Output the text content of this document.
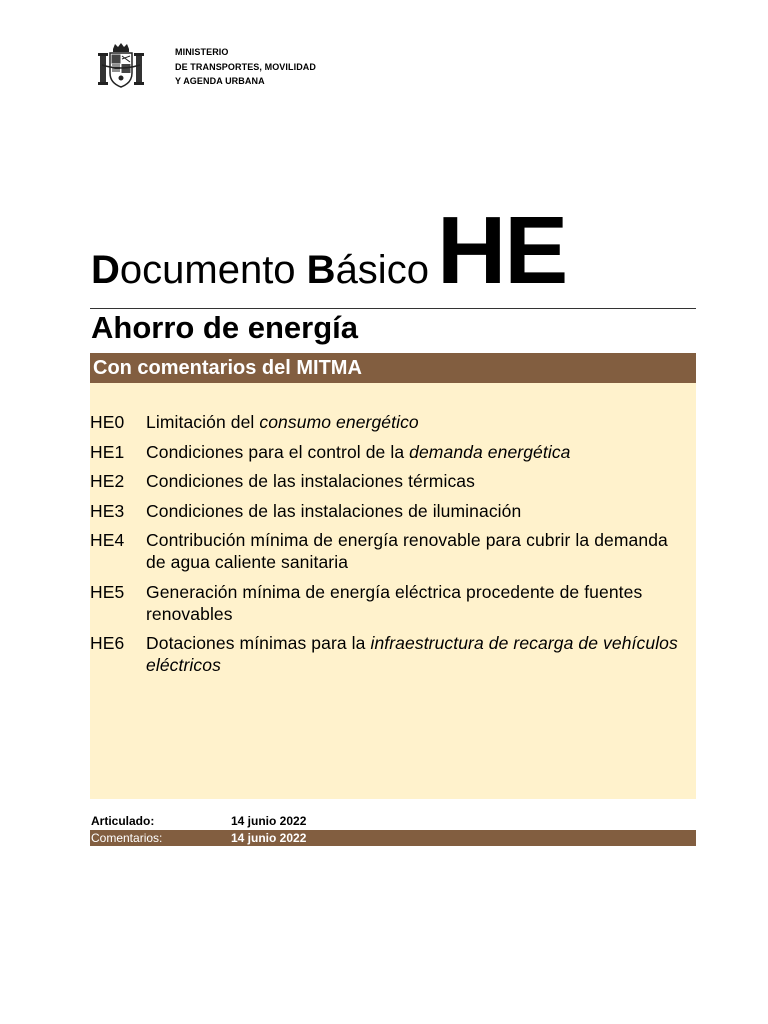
MINISTERIO
DE TRANSPORTES, MOVILIDAD
Y AGENDA URBANA
Documento BásicoHE
Ahorro de energía
Con comentarios del MITMA
HE0	Limitación del consumo energético
HE1	Condiciones para el control de la demanda energética
HE2	Condiciones de las instalaciones térmicas
HE3	Condiciones de las instalaciones de iluminación
HE4	Contribución mínima de energía renovable para cubrir la demanda de agua caliente sanitaria
HE5	Generación mínima de energía eléctrica procedente de fuentes renovables
HE6	Dotaciones mínimas para la infraestructura de recarga de vehículos eléctricos
Articulado:	14 junio 2022
Comentarios:	14 junio 2022
